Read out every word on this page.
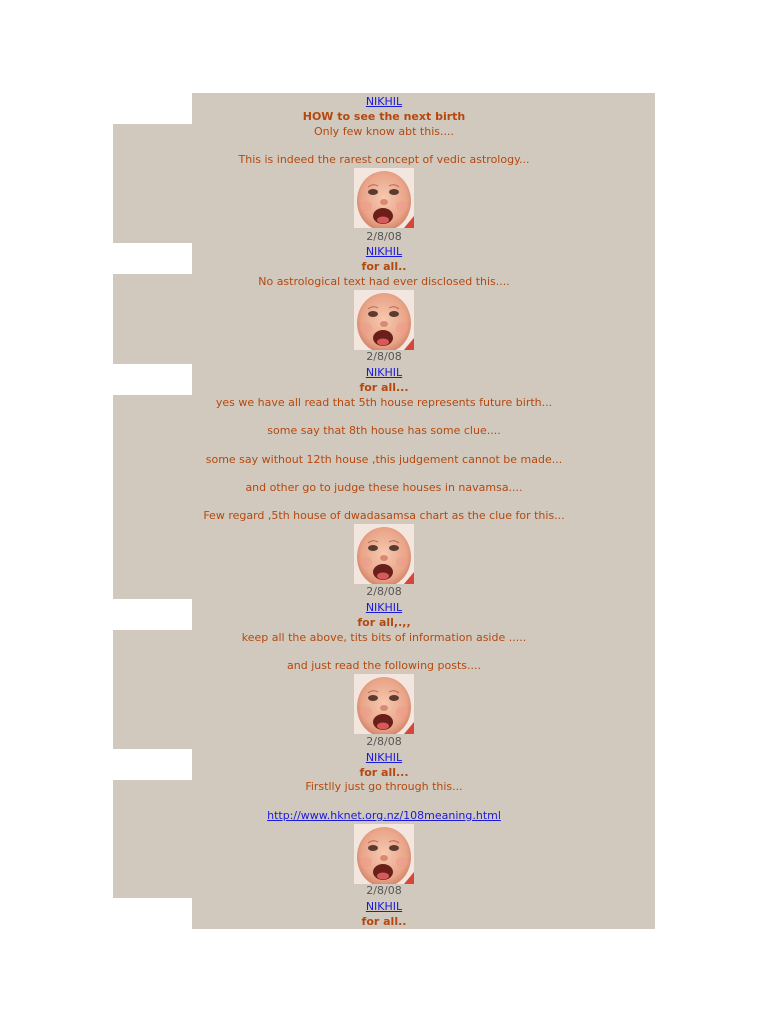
NIKHIL
HOW to see the next birth
Only few know abt this....
This is indeed the rarest concept of vedic astrology...
2/8/08
NIKHIL
for all..
No astrological text had ever disclosed this....
2/8/08
NIKHIL
for all...
yes we have all read that 5th house represents future birth...
some say that 8th house has some clue....
some say without 12th house ,this judgement cannot be made...
and other go to judge these houses in navamsa....
Few regard ,5th house of dwadasamsa chart as the clue for this...
2/8/08
NIKHIL
for all,.,,
keep all the above, tits bits of information aside .....
and just read the following posts....
2/8/08
NIKHIL
for all...
Firstlly just go through this...
http://www.hknet.org.nz/108meaning.html
2/8/08
NIKHIL
for all..
